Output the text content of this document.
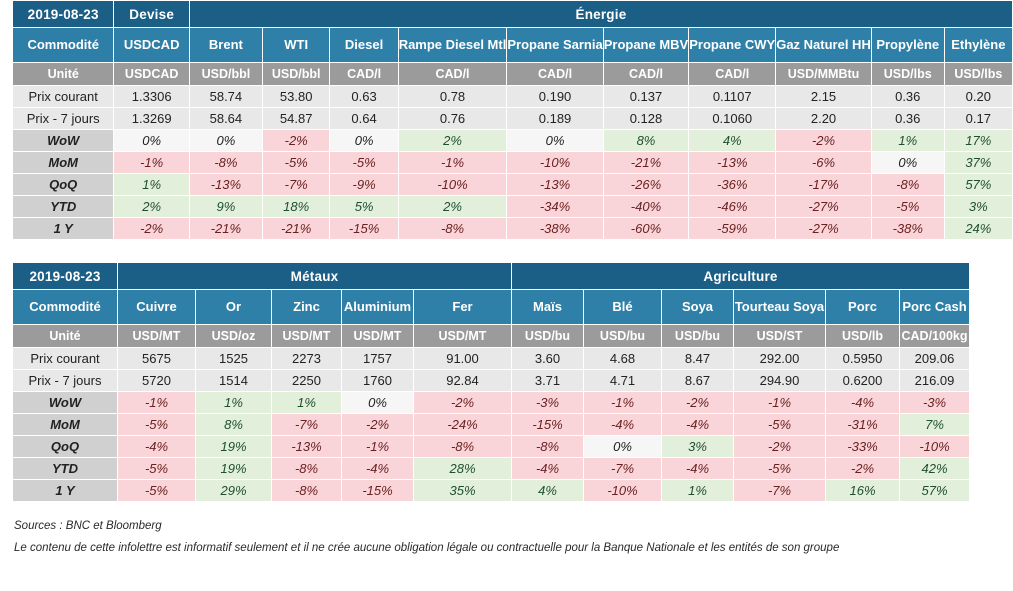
2019-08-23	Devise	Énergie									
Commodité	USDCAD	Brent	WTI	Diesel	Rampe Diesel Mtl	Propane Sarnia	Propane MBV	Propane CWY	Gaz Naturel HH	Propylène	Ethylène
Unité	USDCAD	USD/bbl	USD/bbl	CAD/l	CAD/l	CAD/l	CAD/l	CAD/l	USD/MMBtu	USD/lbs	USD/lbs
Prix courant	1.3306	58.74	53.80	0.63	0.78	0.190	0.137	0.1107	2.15	0.36	0.20
Prix - 7 jours	1.3269	58.64	54.87	0.64	0.76	0.189	0.128	0.1060	2.20	0.36	0.17
WoW	0%	0%	-2%	0%	2%	0%	8%	4%	-2%	1%	17%
MoM	-1%	-8%	-5%	-5%	-1%	-10%	-21%	-13%	-6%	0%	37%
QoQ	1%	-13%	-7%	-9%	-10%	-13%	-26%	-36%	-17%	-8%	57%
YTD	2%	9%	18%	5%	2%	-34%	-40%	-46%	-27%	-5%	3%
1 Y	-2%	-21%	-21%	-15%	-8%	-38%	-60%	-59%	-27%	-38%	24%
2019-08-23	Métaux					Agriculture					
Commodité	Cuivre	Or	Zinc	Aluminium	Fer	Maïs	Blé	Soya	Tourteau Soya	Porc	Porc Cash
Unité	USD/MT	USD/oz	USD/MT	USD/MT	USD/MT	USD/bu	USD/bu	USD/bu	USD/ST	USD/lb	CAD/100kg
Prix courant	5675	1525	2273	1757	91.00	3.60	4.68	8.47	292.00	0.5950	209.06
Prix - 7 jours	5720	1514	2250	1760	92.84	3.71	4.71	8.67	294.90	0.6200	216.09
WoW	-1%	1%	1%	0%	-2%	-3%	-1%	-2%	-1%	-4%	-3%
MoM	-5%	8%	-7%	-2%	-24%	-15%	-4%	-4%	-5%	-31%	7%
QoQ	-4%	19%	-13%	-1%	-8%	-8%	0%	3%	-2%	-33%	-10%
YTD	-5%	19%	-8%	-4%	28%	-4%	-7%	-4%	-5%	-2%	42%
1 Y	-5%	29%	-8%	-15%	35%	4%	-10%	1%	-7%	16%	57%
Sources : BNC et Bloomberg
Le contenu de cette infolettre est informatif seulement et il ne crée aucune obligation légale ou contractuelle pour la Banque Nationale et les entités de son groupe
